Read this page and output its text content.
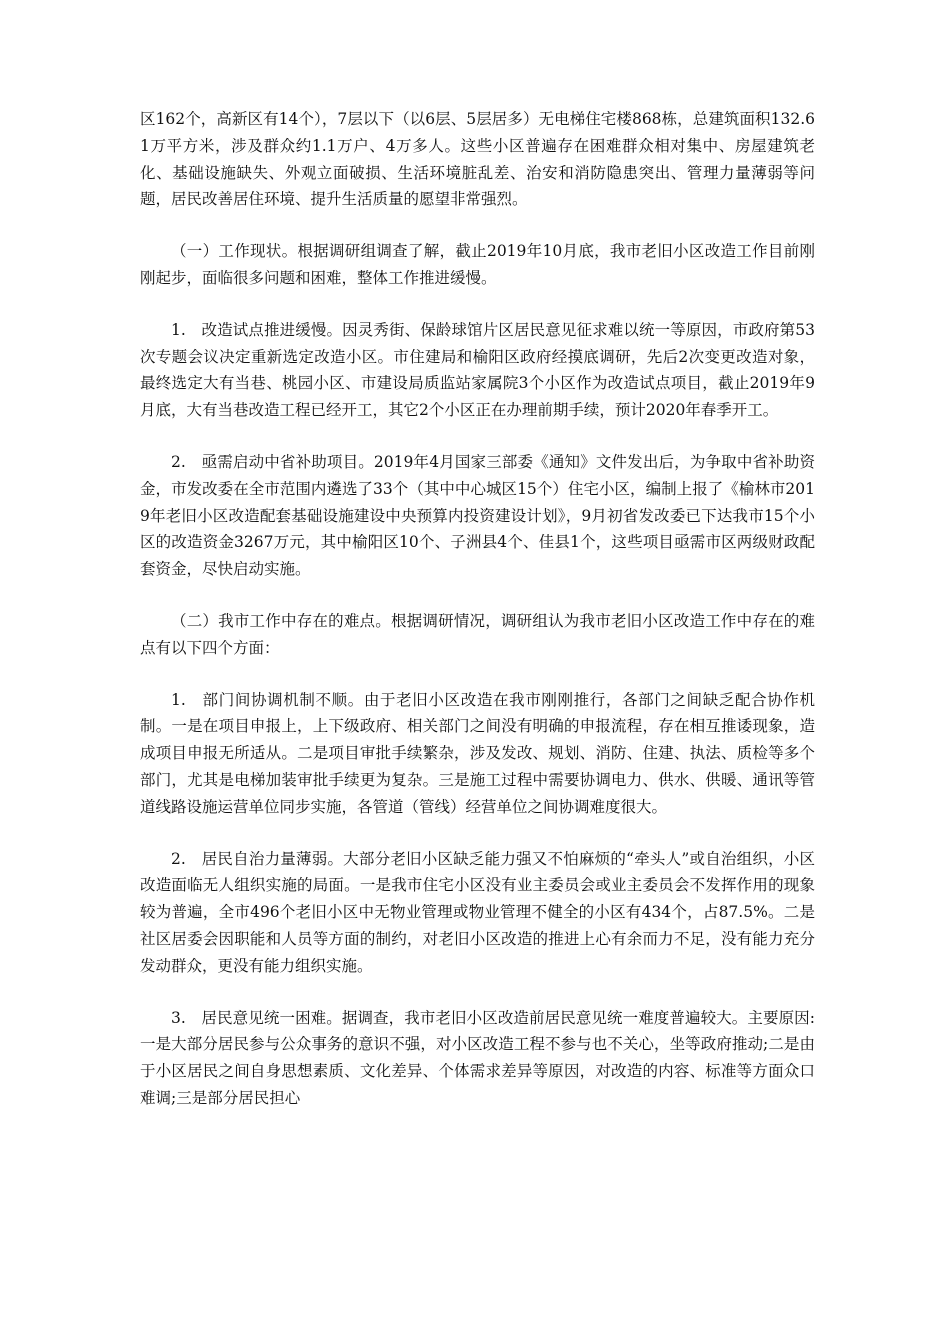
区162个，高新区有14个），7层以下（以6层、5层居多）无电梯住宅楼868栋，总建筑面积132.61万平方米，涉及群众约1.1万户、4万多人。这些小区普遍存在困难群众相对集中、房屋建筑老化、基础设施缺失、外观立面破损、生活环境脏乱差、治安和消防隐患突出、管理力量薄弱等问题，居民改善居住环境、提升生活质量的愿望非常强烈。

（一）工作现状。根据调研组调查了解，截止2019年10月底，我市老旧小区改造工作目前刚刚起步，面临很多问题和困难，整体工作推进缓慢。

1.　改造试点推进缓慢。因灵秀街、保龄球馆片区居民意见征求难以统一等原因，市政府第53次专题会议决定重新选定改造小区。市住建局和榆阳区政府经摸底调研，先后2次变更改造对象，最终选定大有当巷、桃园小区、市建设局质监站家属院3个小区作为改造试点项目，截止2019年9月底，大有当巷改造工程已经开工，其它2个小区正在办理前期手续，预计2020年春季开工。

2.　亟需启动中省补助项目。2019年4月国家三部委《通知》文件发出后，为争取中省补助资金，市发改委在全市范围内遴选了33个（其中中心城区15个）住宅小区，编制上报了《榆林市2019年老旧小区改造配套基础设施建设中央预算内投资建设计划》，9月初省发改委已下达我市15个小区的改造资金3267万元，其中榆阳区10个、子洲县4个、佳县1个，这些项目亟需市区两级财政配套资金，尽快启动实施。

（二）我市工作中存在的难点。根据调研情况，调研组认为我市老旧小区改造工作中存在的难点有以下四个方面：

1.　部门间协调机制不顺。由于老旧小区改造在我市刚刚推行，各部门之间缺乏配合协作机制。一是在项目申报上，上下级政府、相关部门之间没有明确的申报流程，存在相互推诿现象，造成项目申报无所适从。二是项目审批手续繁杂，涉及发改、规划、消防、住建、执法、质检等多个部门，尤其是电梯加装审批手续更为复杂。三是施工过程中需要协调电力、供水、供暖、通讯等管道线路设施运营单位同步实施，各管道（管线）经营单位之间协调难度很大。

2.　居民自治力量薄弱。大部分老旧小区缺乏能力强又不怕麻烦的“牵头人”或自治组织，小区改造面临无人组织实施的局面。一是我市住宅小区没有业主委员会或业主委员会不发挥作用的现象较为普遍，全市496个老旧小区中无物业管理或物业管理不健全的小区有434个，占87.5%。二是社区居委会因职能和人员等方面的制约，对老旧小区改造的推进上心有余而力不足，没有能力充分发动群众，更没有能力组织实施。

3.　居民意见统一困难。据调查，我市老旧小区改造前居民意见统一难度普遍较大。主要原因:一是大部分居民参与公众事务的意识不强，对小区改造工程不参与也不关心，坐等政府推动;二是由于小区居民之间自身思想素质、文化差异、个体需求差异等原因，对改造的内容、标准等方面众口难调;三是部分居民担心
